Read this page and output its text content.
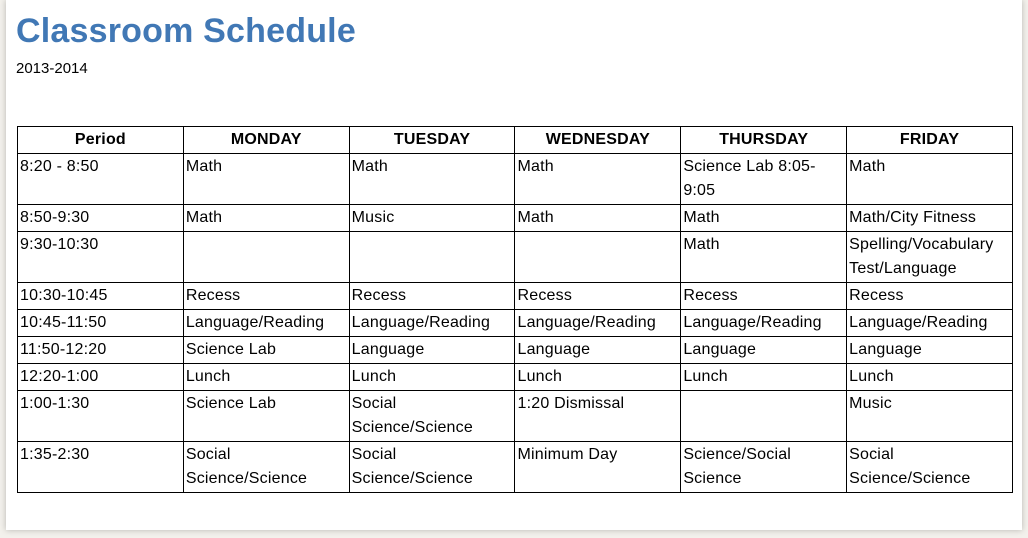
Classroom Schedule
2013-2014
Period	MONDAY	TUESDAY	WEDNESDAY	THURSDAY	FRIDAY
8:20 - 8:50	Math	Math	Math	Science Lab 8:05-9:05	Math
8:50-9:30	Math	Music	Math	Math	Math/City Fitness
9:30-10:30				Math	Spelling/Vocabulary Test/Language
10:30-10:45	Recess	Recess	Recess	Recess	Recess
10:45-11:50	Language/Reading	Language/Reading	Language/Reading	Language/Reading	Language/Reading
11:50-12:20	Science Lab	Language	Language	Language	Language
12:20-1:00	Lunch	Lunch	Lunch	Lunch	Lunch
1:00-1:30	Science Lab	Social Science/Science	1:20 Dismissal		Music
1:35-2:30	Social Science/Science	Social Science/Science	Minimum Day	Science/Social Science	Social Science/Science
